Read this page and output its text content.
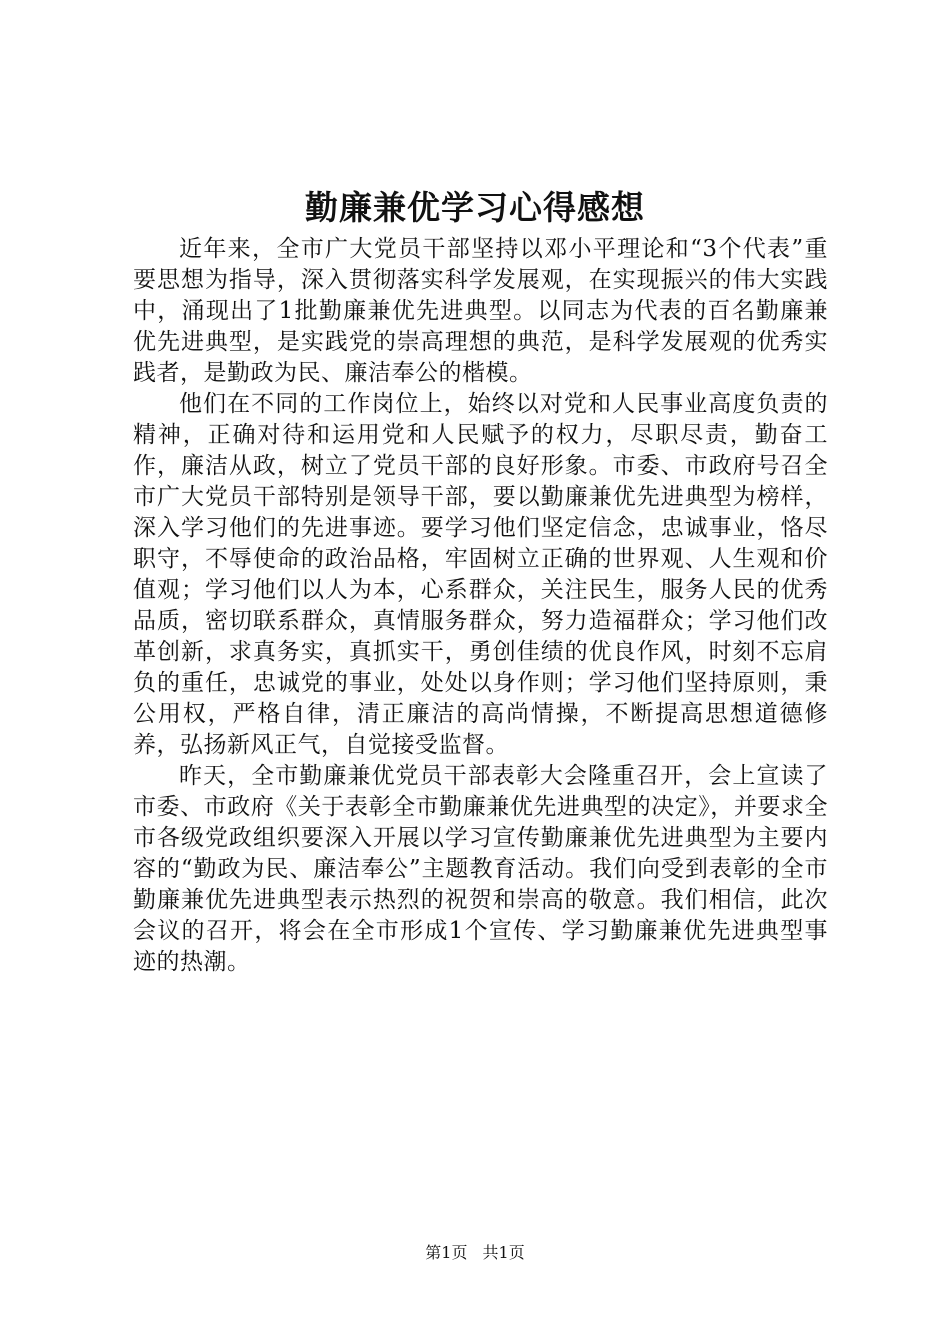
勤廉兼优学习心得感想

近年来，全市广大党员干部坚持以邓小平理论和“3个代表”重要思想为指导，深入贯彻落实科学发展观，在实现振兴的伟大实践中，涌现出了1批勤廉兼优先进典型。以同志为代表的百名勤廉兼优先进典型，是实践党的崇高理想的典范，是科学发展观的优秀实践者，是勤政为民、廉洁奉公的楷模。

他们在不同的工作岗位上，始终以对党和人民事业高度负责的精神，正确对待和运用党和人民赋予的权力，尽职尽责，勤奋工作，廉洁从政，树立了党员干部的良好形象。市委、市政府号召全市广大党员干部特别是领导干部，要以勤廉兼优先进典型为榜样，深入学习他们的先进事迹。要学习他们坚定信念，忠诚事业，恪尽职守，不辱使命的政治品格，牢固树立正确的世界观、人生观和价值观；学习他们以人为本，心系群众，关注民生，服务人民的优秀品质，密切联系群众，真情服务群众，努力造福群众；学习他们改革创新，求真务实，真抓实干，勇创佳绩的优良作风，时刻不忘肩负的重任，忠诚党的事业，处处以身作则；学习他们坚持原则，秉公用权，严格自律，清正廉洁的高尚情操，不断提高思想道德修养，弘扬新风正气，自觉接受监督。

昨天，全市勤廉兼优党员干部表彰大会隆重召开，会上宣读了市委、市政府《关于表彰全市勤廉兼优先进典型的决定》，并要求全市各级党政组织要深入开展以学习宣传勤廉兼优先进典型为主要内容的“勤政为民、廉洁奉公”主题教育活动。我们向受到表彰的全市勤廉兼优先进典型表示热烈的祝贺和崇高的敬意。我们相信，此次会议的召开，将会在全市形成1个宣传、学习勤廉兼优先进典型事迹的热潮。

第1页 共1页
